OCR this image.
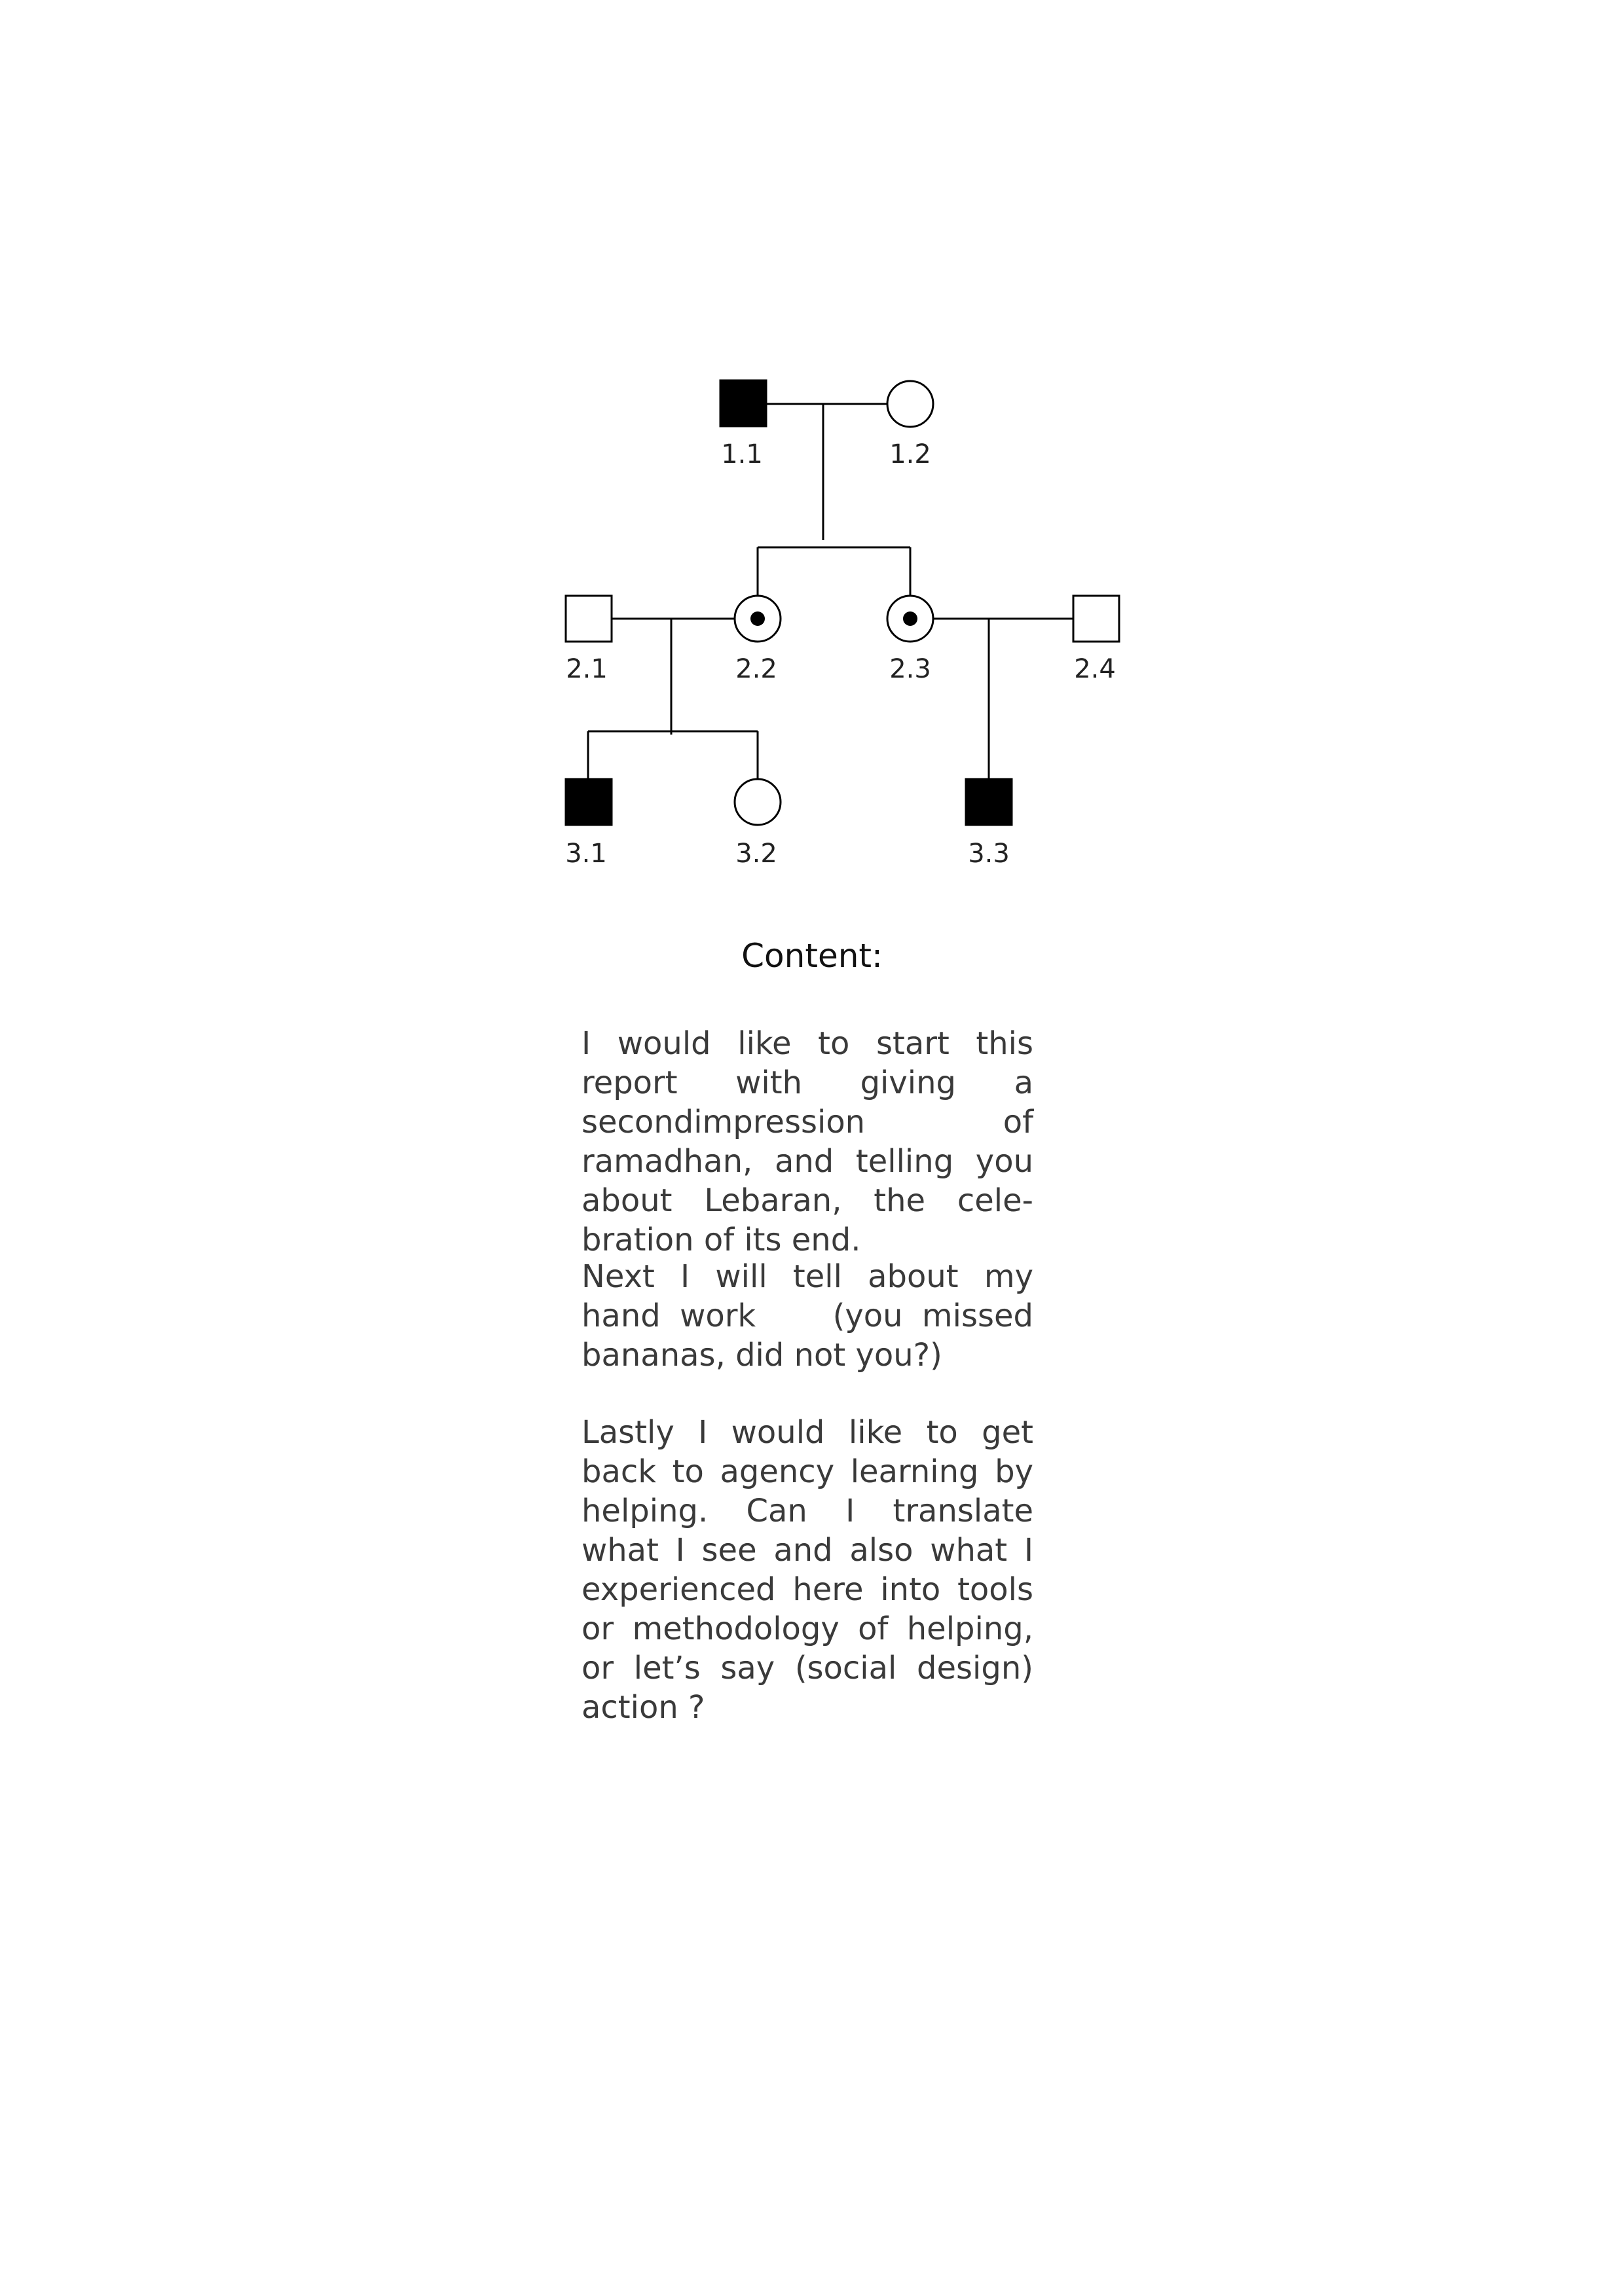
1.1	1.2
2.1	2.2	2.3	2.4
3.1	3.2	3.3
Content:

I would like to start this report with giving a secondimpression of ramadhan, and telling you about Lebaran, the celebration of its end.

Next I will tell about my hand work    (you missed bananas, did not you?)

Lastly I would like to get back to agency learning by helping. Can I translate what I see and also what I experienced here into tools or methodology of helping, or let’s say (social design) action ?
